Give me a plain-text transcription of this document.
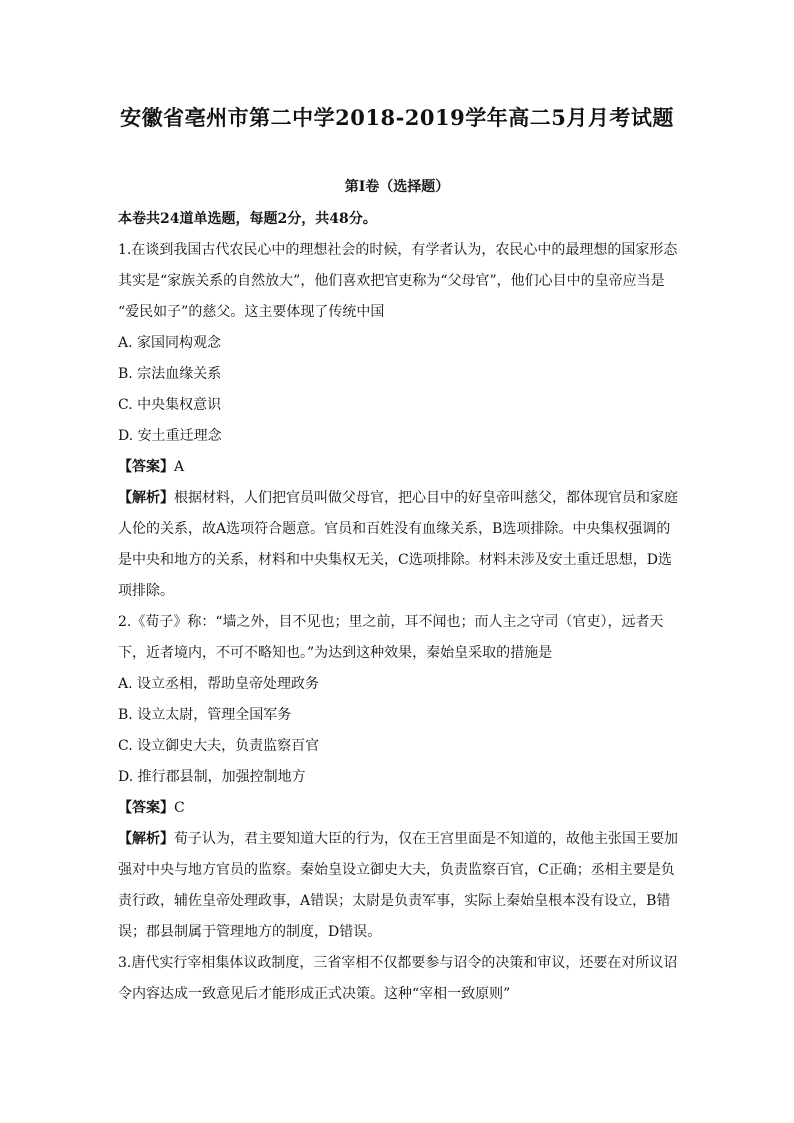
安徽省亳州市第二中学2018-2019学年高二5月月考试题
第I卷（选择题）
本卷共24道单选题，每题2分，共48分。
1.在谈到我国古代农民心中的理想社会的时候，有学者认为，农民心中的最理想的国家形态
其实是“家族关系的自然放大”，他们喜欢把官吏称为“父母官”，他们心目中的皇帝应当是
“爱民如子”的慈父。这主要体现了传统中国
A. 家国同构观念
B. 宗法血缘关系
C. 中央集权意识
D. 安土重迁理念
【答案】A
【解析】根据材料，人们把官员叫做父母官，把心目中的好皇帝叫慈父，都体现官员和家庭
人伦的关系，故A选项符合题意。官员和百姓没有血缘关系，B选项排除。中央集权强调的
是中央和地方的关系，材料和中央集权无关，C选项排除。材料未涉及安土重迁思想，D选
项排除。
2.《荀子》称：“墙之外，目不见也；里之前，耳不闻也；而人主之守司（官吏），远者天
下，近者境内，不可不略知也。”为达到这种效果，秦始皇采取的措施是
A. 设立丞相，帮助皇帝处理政务
B. 设立太尉，管理全国军务
C. 设立御史大夫，负责监察百官
D. 推行郡县制，加强控制地方
【答案】C
【解析】荀子认为，君主要知道大臣的行为，仅在王宫里面是不知道的，故他主张国王要加
强对中央与地方官员的监察。秦始皇设立御史大夫，负责监察百官，C正确；丞相主要是负
责行政，辅佐皇帝处理政事，A错误；太尉是负责军事，实际上秦始皇根本没有设立，B错
误；郡县制属于管理地方的制度，D错误。
3.唐代实行宰相集体议政制度，三省宰相不仅都要参与诏令的决策和审议，还要在对所议诏
令内容达成一致意见后才能形成正式决策。这种“宰相一致原则”
